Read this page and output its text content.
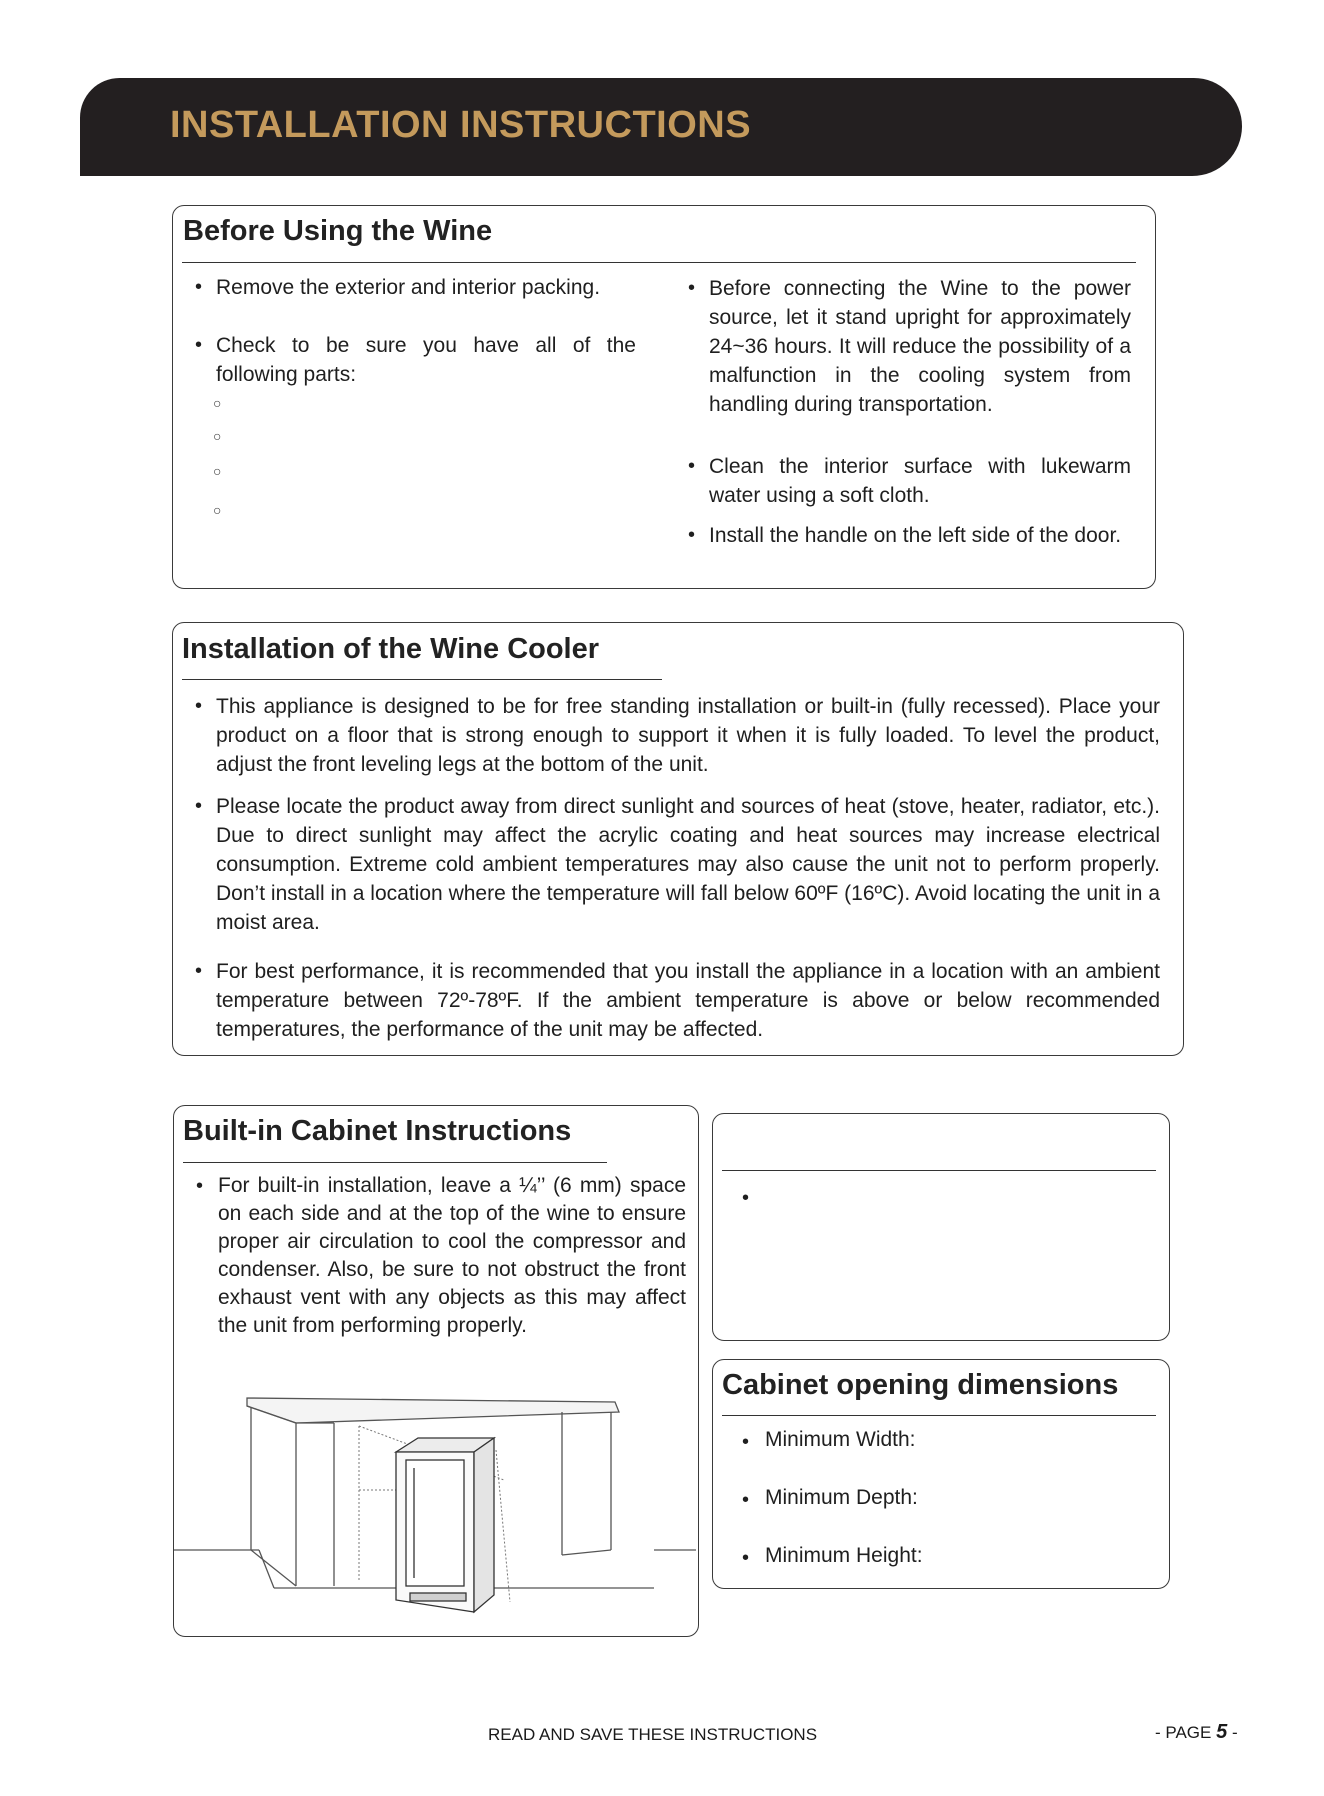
INSTALLATION INSTRUCTIONS
Before Using the Wine
• Remove the exterior and interior packing.

• Check to be sure you have all of the following parts:

○
○
○
○
• Before connecting the Wine to the power source, let it stand upright for approximately 24~36 hours. It will reduce the possibility of a malfunction in the cooling system from handling during transportation.

• Clean the interior surface with lukewarm water using a soft cloth.

• Install the handle on the left side of the door.

Installation of the Wine Cooler
• This appliance is designed to be for free standing installation or built-in (fully recessed). Place your product on a floor that is strong enough to support it when it is fully loaded. To level the product, adjust the front leveling legs at the bottom of the unit.

• Please locate the product away from direct sunlight and sources of heat (stove, heater, radiator, etc.). Due to direct sunlight may affect the acrylic coating and heat sources may increase electrical consumption. Extreme cold ambient temperatures may also cause the unit not to perform properly. Don’t install in a location where the temperature will fall below 60ºF (16ºC). Avoid locating the unit in a moist area.

• For best performance, it is recommended that you install the appliance in a location with an ambient temperature between 72º-78ºF. If the ambient temperature is above or below recommended temperatures, the performance of the unit may be affected.

Built-in Cabinet Instructions
• For built-in installation, leave a ¼’’ (6 mm) space on each side and at the top of the wine to ensure proper air circulation to cool the compressor and condenser. Also, be sure to not obstruct the front exhaust vent with any objects as this may affect the unit from performing properly.

•
Cabinet opening dimensions
• Minimum Width:
• Minimum Depth:
• Minimum Height:
READ AND SAVE THESE INSTRUCTIONS	- PAGE 5 -
